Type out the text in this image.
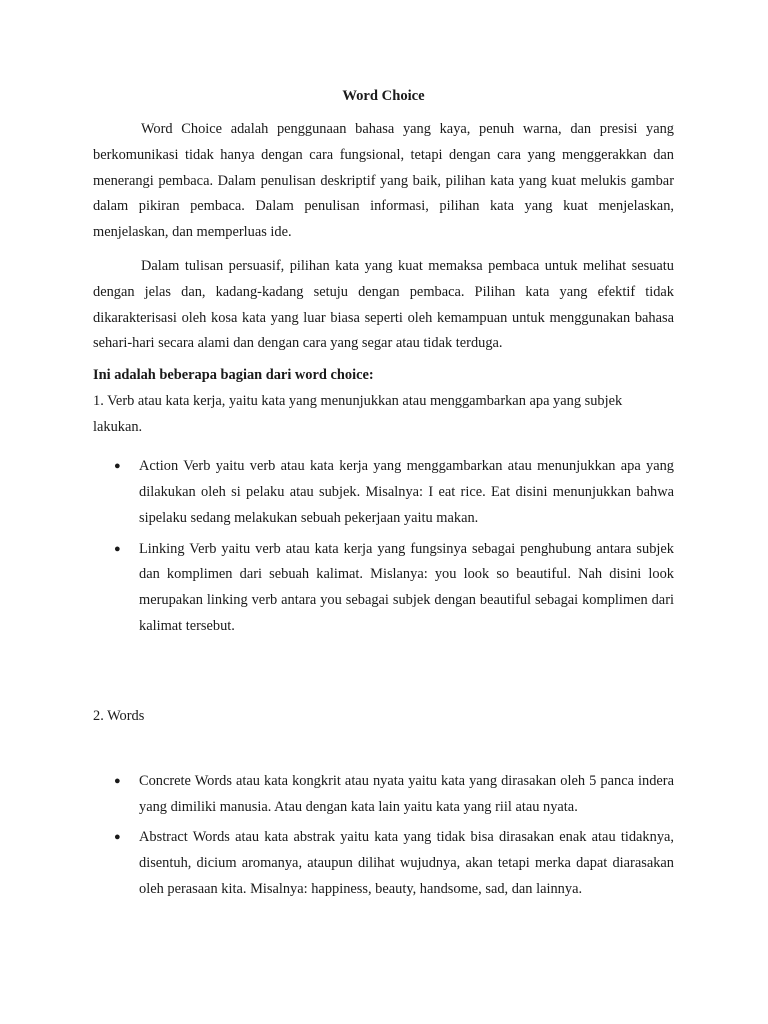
Word Choice

Word Choice adalah penggunaan bahasa yang kaya, penuh warna, dan presisi yang berkomunikasi tidak hanya dengan cara fungsional, tetapi dengan cara yang menggerakkan dan menerangi pembaca. Dalam penulisan deskriptif yang baik, pilihan kata yang kuat melukis gambar dalam pikiran pembaca. Dalam penulisan informasi, pilihan kata yang kuat menjelaskan, menjelaskan, dan memperluas ide.

Dalam tulisan persuasif, pilihan kata yang kuat memaksa pembaca untuk melihat sesuatu dengan jelas dan, kadang-kadang setuju dengan pembaca. Pilihan kata yang efektif tidak dikarakterisasi oleh kosa kata yang luar biasa seperti oleh kemampuan untuk menggunakan bahasa sehari-hari secara alami dan dengan cara yang segar atau tidak terduga.

Ini adalah beberapa bagian dari word choice:
1. Verb atau kata kerja, yaitu kata yang menunjukkan atau menggambarkan apa yang subjek lakukan.
● Action Verb yaitu verb atau kata kerja yang menggambarkan atau menunjukkan apa yang dilakukan oleh si pelaku atau subjek. Misalnya: I eat rice. Eat disini menunjukkan bahwa sipelaku sedang melakukan sebuah pekerjaan yaitu makan.
● Linking Verb yaitu verb atau kata kerja yang fungsinya sebagai penghubung antara subjek dan komplimen dari sebuah kalimat. Mislanya: you look so beautiful. Nah disini look merupakan linking verb antara you sebagai subjek dengan beautiful sebagai komplimen dari kalimat tersebut.
2. Words
● Concrete Words atau kata kongkrit atau nyata yaitu kata yang dirasakan oleh 5 panca indera yang dimiliki manusia. Atau dengan kata lain yaitu kata yang riil atau nyata.
● Abstract Words atau kata abstrak yaitu kata yang tidak bisa dirasakan enak atau tidaknya, disentuh, dicium aromanya, ataupun dilihat wujudnya, akan tetapi merka dapat diarasakan oleh perasaan kita. Misalnya: happiness, beauty, handsome, sad, dan lainnya.
